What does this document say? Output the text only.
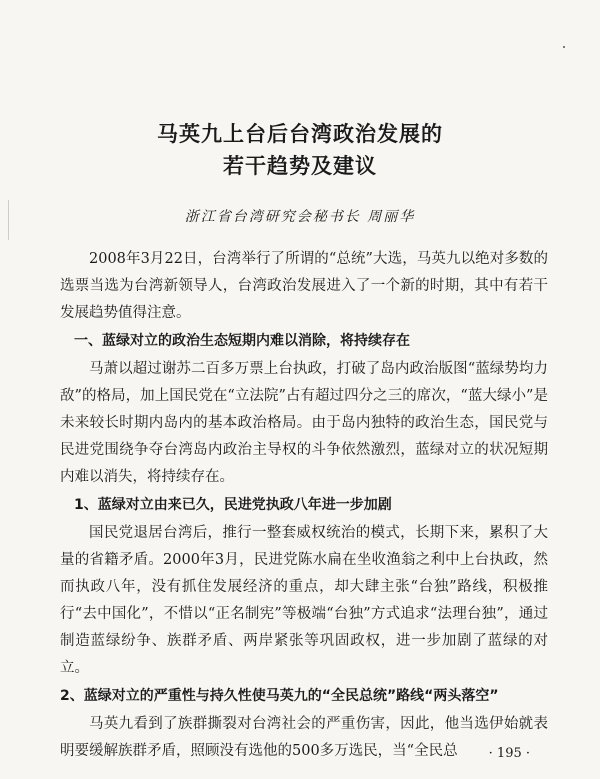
马英九上台后台湾政治发展的
若干趋势及建议
浙江省台湾研究会秘书长 周丽华

2008年3月22日，台湾举行了所谓的“总统”大选，马英九以绝对多数的选票当选为台湾新领导人，台湾政治发展进入了一个新的时期，其中有若干发展趋势值得注意。

一、蓝绿对立的政治生态短期内难以消除，将持续存在

马萧以超过谢苏二百多万票上台执政，打破了岛内政治版图“蓝绿势均力敌”的格局，加上国民党在“立法院”占有超过四分之三的席次，“蓝大绿小”是未来较长时期内岛内的基本政治格局。由于岛内独特的政治生态，国民党与民进党围绕争夺台湾岛内政治主导权的斗争依然激烈，蓝绿对立的状况短期内难以消失，将持续存在。

1、蓝绿对立由来已久，民进党执政八年进一步加剧

国民党退居台湾后，推行一整套威权统治的模式，长期下来，累积了大量的省籍矛盾。2000年3月，民进党陈水扁在坐收渔翁之利中上台执政，然而执政八年，没有抓住发展经济的重点，却大肆主张“台独”路线，积极推行“去中国化”，不惜以“正名制宪”等极端“台独”方式追求“法理台独”，通过制造蓝绿纷争、族群矛盾、两岸紧张等巩固政权，进一步加剧了蓝绿的对立。

2、蓝绿对立的严重性与持久性使马英九的“全民总统”路线“两头落空”

马英九看到了族群撕裂对台湾社会的严重伤害，因此，他当选伊始就表明要缓解族群矛盾，照顾没有选他的500多万选民，当“全民总	· 195 ·
